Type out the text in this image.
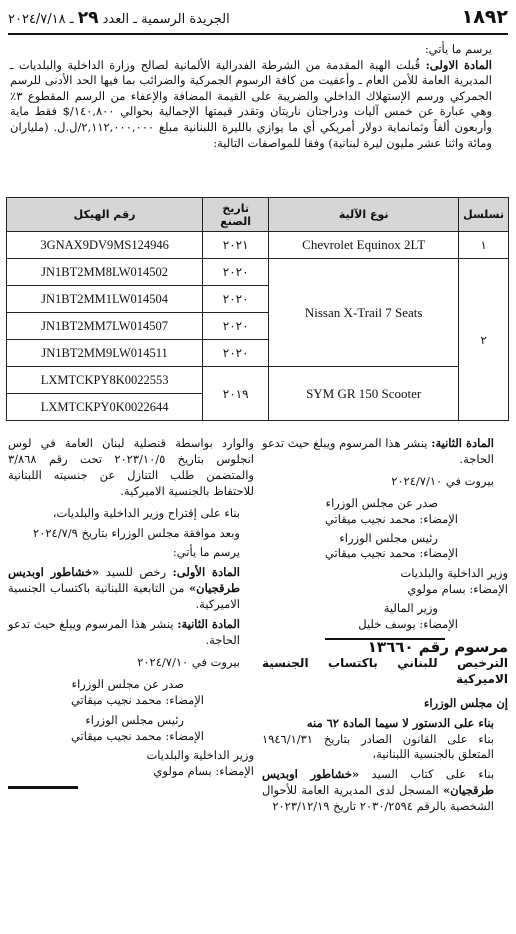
١٨٩٢
الجريدة الرسمية ـ العدد ٢٩ ـ ٢٠٢٤/٧/١٨

يرسم ما يأتي:

المادة الاولى: قُبلت الهبة المقدمة من الشرطة الفدرالية الألمانية لصالح وزارة الداخلية والبلديات ـ المديرية العامة للأمن العام ـ وأعفيت من كافة الرسوم الجمركية والضرائب بما فيها الحد الأدنى للرسم الجمركي ورسم الإستهلاك الداخلي والضريبة على القيمة المضافة والإعفاء من الرسم المقطوع ٣٪ وهي عبارة عن خمس آليات ودراجتان ناريتان وتقدر قيمتها الإجمالية بحوالي ١٤٠,٨٠٠/$ فقط ماية وأربعون ألفاً وثمانماية دولار أمريكي أي ما يوازي بالليرة اللبنانية مبلغ ٢,١١٢,٠٠٠,٠٠٠/ل.ل. (ملياران ومائة واثنا عشر مليون ليرة لبنانية) وفقا للمواصفات التالية:

تسلسل	نوع الآلية	تاريخ الصنع	رقم الهيكل
١	Chevrolet Equinox 2LT	٢٠٢١	3GNAX9DV9MS124946
٢	Nissan X-Trail 7 Seats	٢٠٢٠	JN1BT2MM8LW014502
		٢٠٢٠	JN1BT2MM1LW014504
		٢٠٢٠	JN1BT2MM7LW014507
		٢٠٢٠	JN1BT2MM9LW014511
	SYM GR 150 Scooter	٢٠١٩	LXMTCKPY8K0022553
			LXMTCKPY0K0022644

المادة الثانية: ينشر هذا المرسوم ويبلغ حيث تدعو الحاجة.

بيروت في ٢٠٢٤/٧/١٠

صدر عن مجلس الوزراء

الإمضاء: محمد نجيب ميقاتي

رئيس مجلس الوزراء

الإمضاء: محمد نجيب ميقاتي

وزير الداخلية والبلديات

الإمضاء: بسام مولوي

وزير المالية

الإمضاء: يوسف خليل

مرسوم رقم ١٣٦٦٠

الترخيص للبناني باكتساب الجنسية الاميركية

إن مجلس الوزراء

بناء على الدستور لا سيما المادة ٦٢ منه

بناء على القانون الصادر بتاريخ ١٩٤٦/١/٣١ المتعلق بالجنسية اللبنانية،

بناء على كتاب السيد «خشاطور اوبديس طرقجيان» المسجل لدى المديرية العامة للأحوال الشخصية بالرقم ٢٠٣٠/٢٥٩٤ تاريخ ٢٠٢٣/١٢/١٩

والوارد بواسطة قنصلية لبنان العامة في لوس انجلوس بتاريخ ٢٠٢٣/١٠/٥ تحت رقم ٣/٨٦٨ والمتضمن طلب التنازل عن جنسيته اللبنانية للاحتفاظ بالجنسية الاميركية.

بناء على إقتراح وزير الداخلية والبلديات،

وبعد موافقة مجلس الوزراء بتاريخ ٢٠٢٤/٧/٩

يرسم ما يأتي:

المادة الأولى: رخص للسيد «خشاطور اوبديس طرقجيان» من التابعية اللبنانية باكتساب الجنسية الاميركية.

المادة الثانية: ينشر هذا المرسوم ويبلغ حيث تدعو الحاجة.

بيروت في ٢٠٢٤/٧/١٠

صدر عن مجلس الوزراء

الإمضاء: محمد نجيب ميقاتي

رئيس مجلس الوزراء

الإمضاء: محمد نجيب ميقاتي

وزير الداخلية والبلديات

الإمضاء: بسام مولوي
